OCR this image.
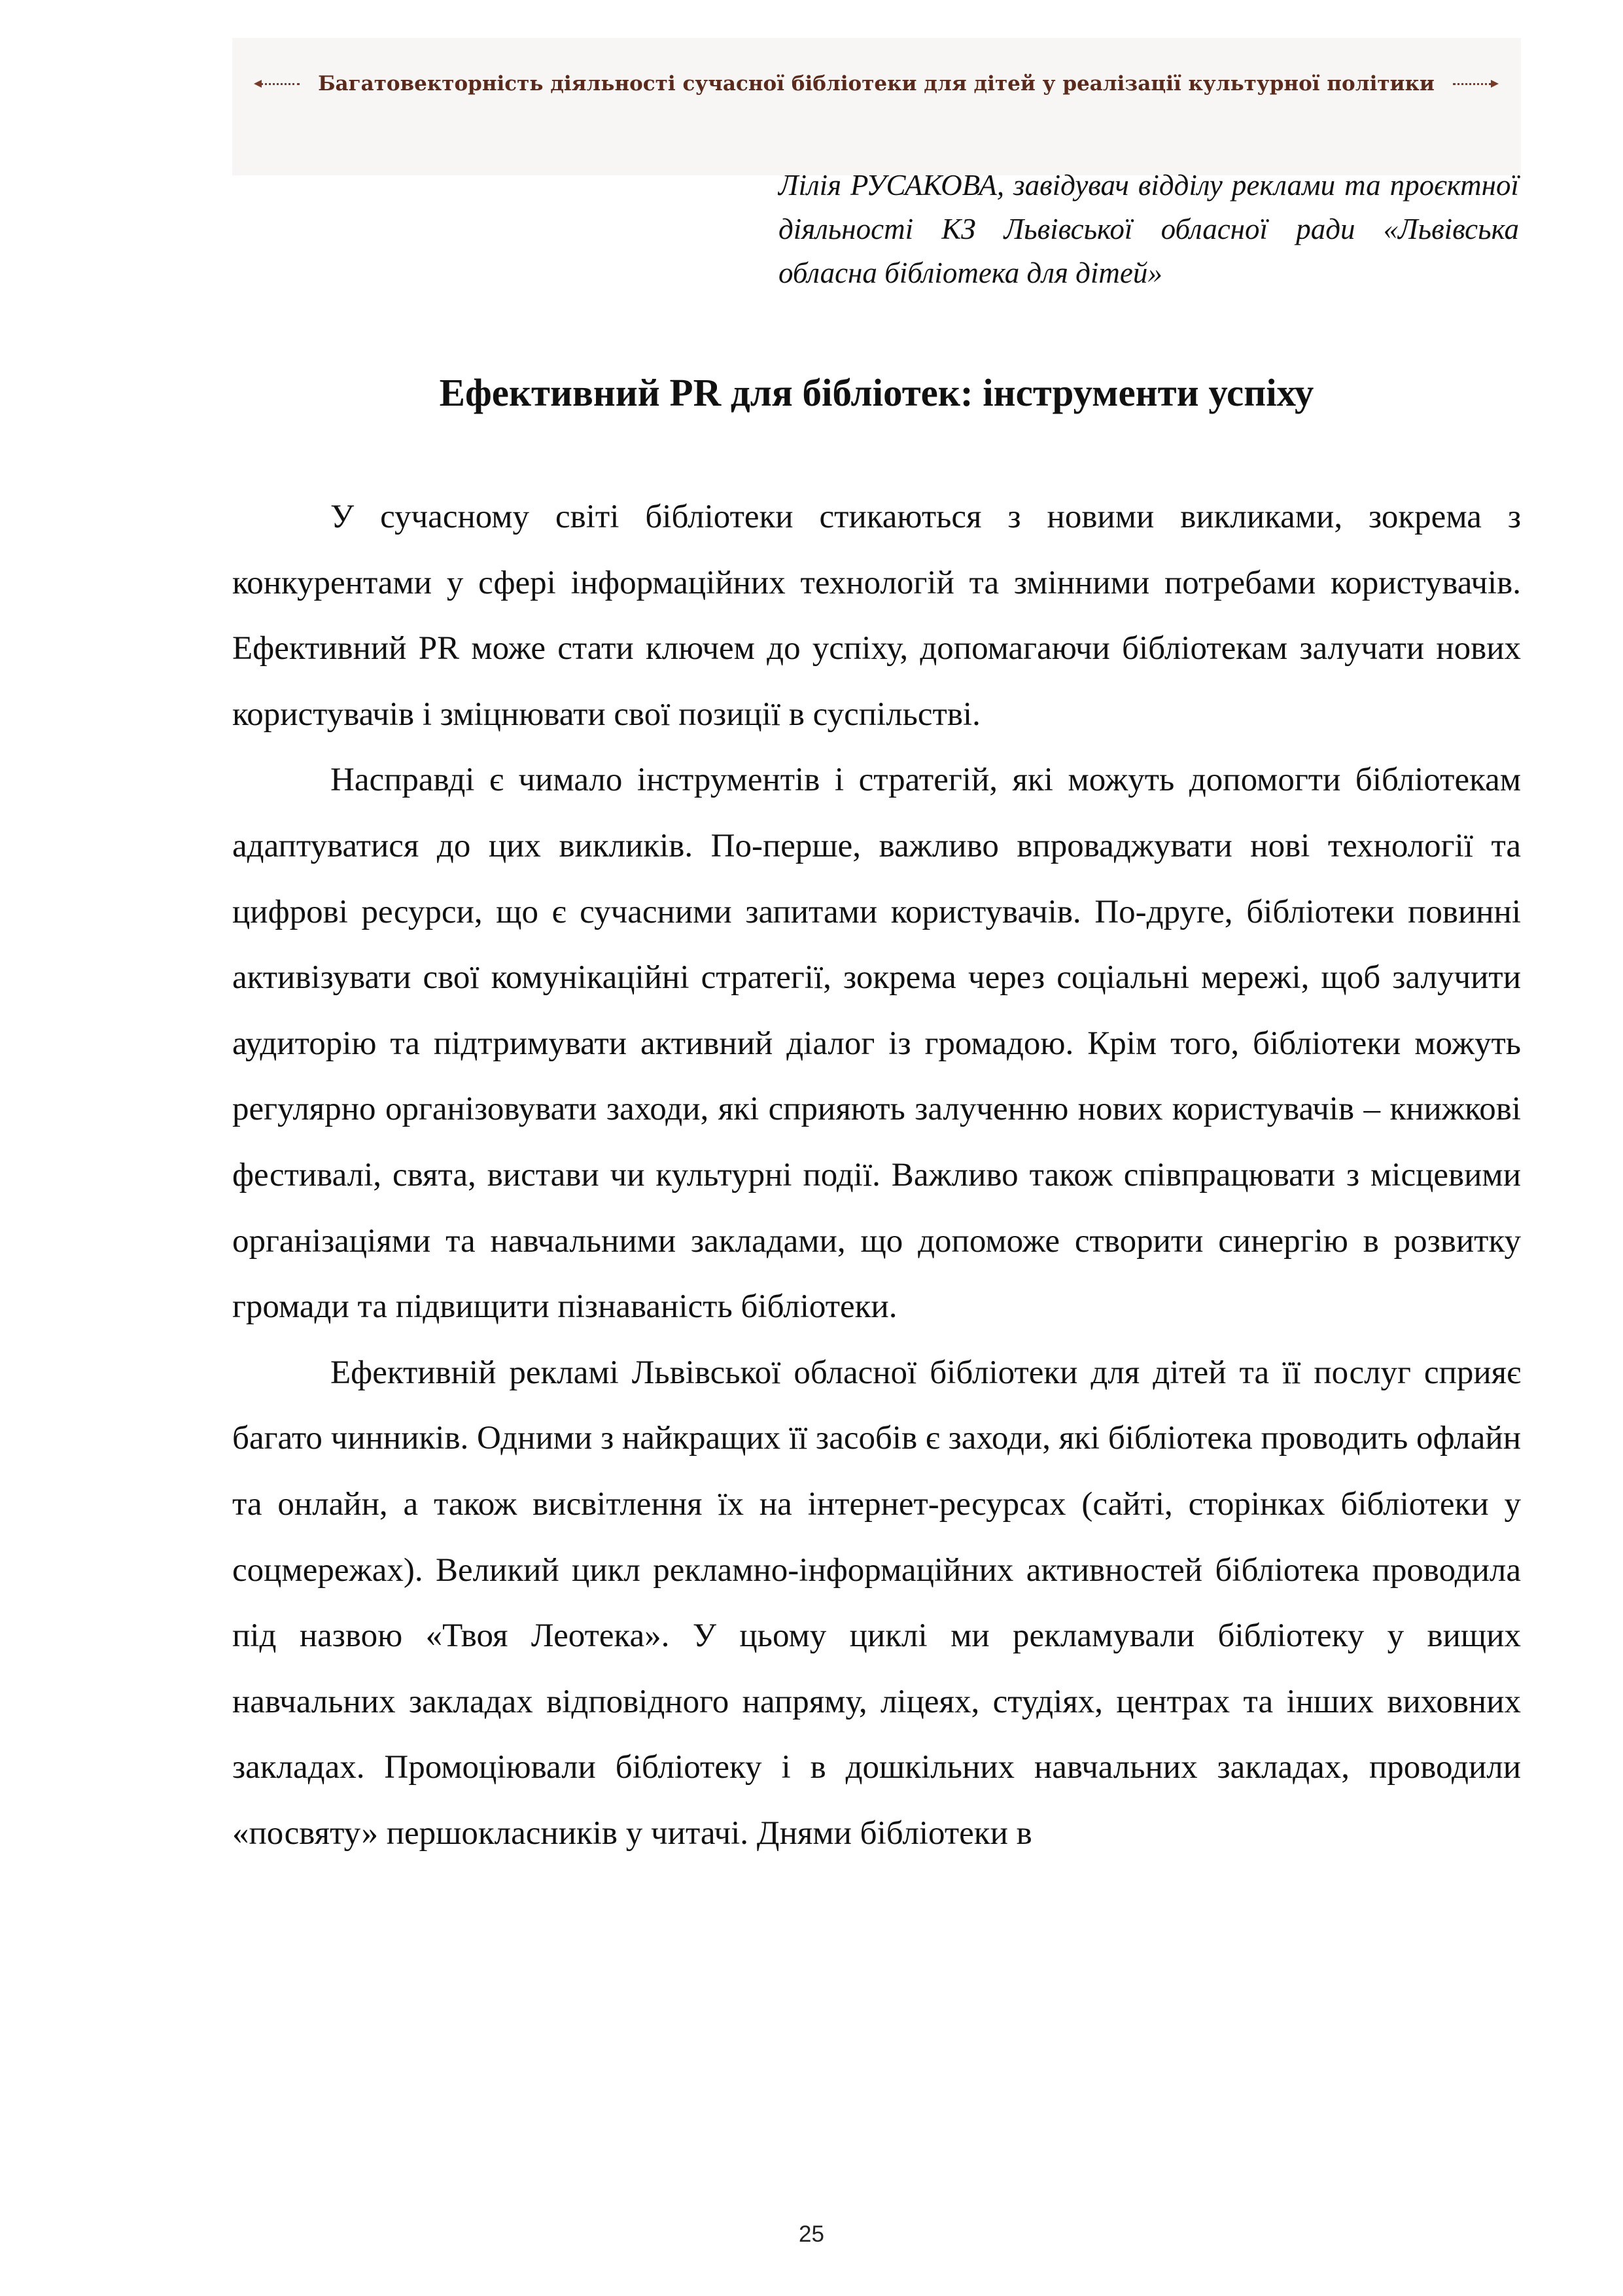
Багатовекторність діяльності сучасної бібліотеки для дітей у реалізації культурної політики
Лілія РУСАКОВА, завідувач відділу реклами та проєктної діяльності КЗ Львівської обласної ради «Львівська обласна бібліотека для дітей»
Ефективний PR для бібліотек: інструменти успіху

У сучасному світі бібліотеки стикаються з новими викликами, зокрема з конкурентами у сфері інформаційних технологій та змінними потребами користувачів. Ефективний PR може стати ключем до успіху, допомагаючи бібліотекам залучати нових користувачів і зміцнювати свої позиції в суспільстві.

Насправді є чимало інструментів і стратегій, які можуть допомогти бібліотекам адаптуватися до цих викликів. По-перше, важливо впроваджувати нові технології та цифрові ресурси, що є сучасними запитами користувачів. По-друге, бібліотеки повинні активізувати свої комунікаційні стратегії, зокрема через соціальні мережі, щоб залучити аудиторію та підтримувати активний діалог із громадою. Крім того, бібліотеки можуть регулярно організовувати заходи, які сприяють залученню нових користувачів – книжкові фестивалі, свята, вистави чи культурні події. Важливо також співпрацювати з місцевими організаціями та навчальними закладами, що допоможе створити синергію в розвитку громади та підвищити пізнаваність бібліотеки.

Ефективній рекламі Львівської обласної бібліотеки для дітей та її послуг сприяє багато чинників. Одними з найкращих її засобів є заходи, які бібліотека проводить офлайн та онлайн, а також висвітлення їх на інтернет-ресурсах (сайті, сторінках бібліотеки у соцмережах). Великий цикл рекламно-інформаційних активностей бібліотека проводила під назвою «Твоя Леотека». У цьому циклі ми рекламували бібліотеку у вищих навчальних закладах відповідного напряму, ліцеях, студіях, центрах та інших виховних закладах. Промоціювали бібліотеку і в дошкільних навчальних закладах, проводили «посвяту» першокласників у читачі. Днями бібліотеки в

25
